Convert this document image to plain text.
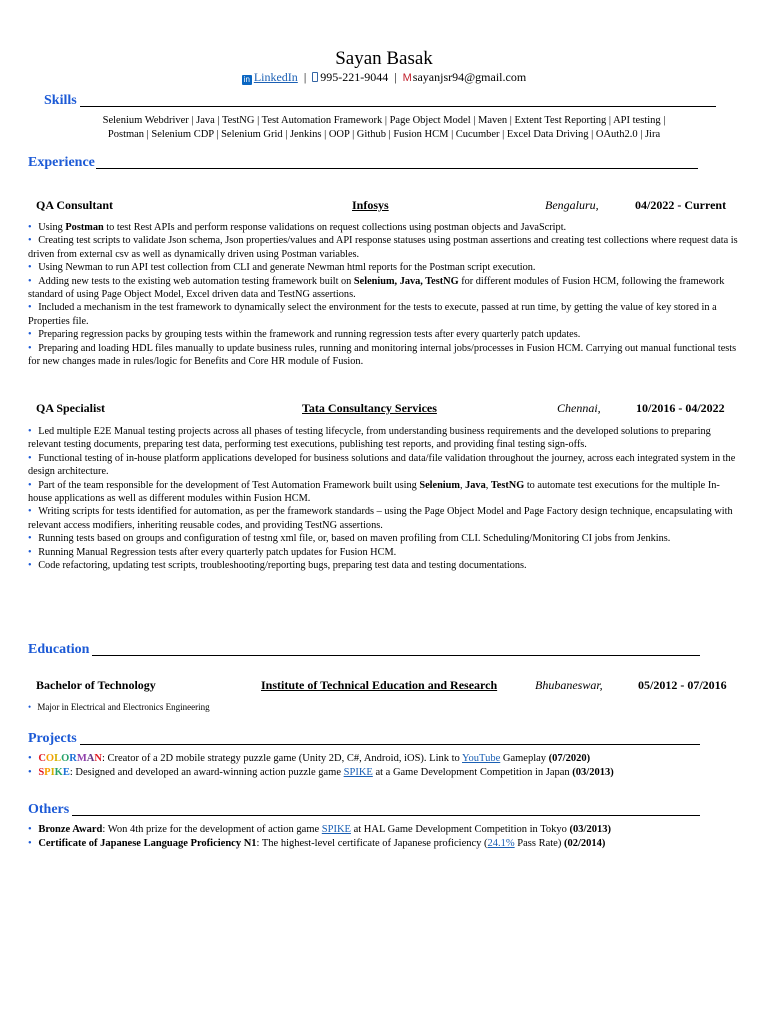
Sayan Basak
in LinkedIn | 995-221-9044 | Msayanjsr94@gmail.com
Skills
Selenium Webdriver | Java | TestNG | Test Automation Framework | Page Object Model | Maven | Extent Test Reporting | API testing |
Postman | Selenium CDP | Selenium Grid | Jenkins | OOP | Github | Fusion HCM | Cucumber | Excel Data Driving | OAuth2.0 | Jira
Experience
QA Consultant	Infosys	Bengaluru,	04/2022 - Current
• Using Postman to test Rest APIs and perform response validations on request collections using postman objects and JavaScript.
• Creating test scripts to validate Json schema, Json properties/values and API response statuses using postman assertions and creating test collections where request data is driven from external csv as well as dynamically driven using Postman variables.
• Using Newman to run API test collection from CLI and generate Newman html reports for the Postman script execution.
• Adding new tests to the existing web automation testing framework built on Selenium, Java, TestNG for different modules of Fusion HCM, following the framework standard of using Page Object Model, Excel driven data and TestNG assertions.
• Included a mechanism in the test framework to dynamically select the environment for the tests to execute, passed at run time, by getting the value of key stored in a Properties file.
• Preparing regression packs by grouping tests within the framework and running regression tests after every quarterly patch updates.
• Preparing and loading HDL files manually to update business rules, running and monitoring internal jobs/processes in Fusion HCM. Carrying out manual functional tests for new changes made in rules/logic for Benefits and Core HR module of Fusion.
QA Specialist	Tata Consultancy Services	Chennai,	10/2016 - 04/2022
• Led multiple E2E Manual testing projects across all phases of testing lifecycle, from understanding business requirements and the developed solutions to preparing relevant testing documents, preparing test data, performing test executions, publishing test reports, and providing final testing sign-offs.
• Functional testing of in-house platform applications developed for business solutions and data/file validation throughout the journey, across each integrated system in the design architecture.
• Part of the team responsible for the development of Test Automation Framework built using Selenium, Java, TestNG to automate test executions for the multiple In-house applications as well as different modules within Fusion HCM.
• Writing scripts for tests identified for automation, as per the framework standards – using the Page Object Model and Page Factory design technique, encapsulating with relevant access modifiers, inheriting reusable codes, and providing TestNG assertions.
• Running tests based on groups and configuration of testng xml file, or, based on maven profiling from CLI. Scheduling/Monitoring CI jobs from Jenkins.
• Running Manual Regression tests after every quarterly patch updates for Fusion HCM.
• Code refactoring, updating test scripts, troubleshooting/reporting bugs, preparing test data and testing documentations.
Education
Bachelor of Technology	Institute of Technical Education and Research	Bhubaneswar,	05/2012 - 07/2016
• Major in Electrical and Electronics Engineering
Projects
• COLORMAN: Creator of a 2D mobile strategy puzzle game (Unity 2D, C#, Android, iOS). Link to YouTube Gameplay (07/2020)
• SPIKE: Designed and developed an award-winning action puzzle game SPIKE at a Game Development Competition in Japan (03/2013)
Others
• Bronze Award: Won 4th prize for the development of action game SPIKE at HAL Game Development Competition in Tokyo (03/2013)
• Certificate of Japanese Language Proficiency N1: The highest-level certificate of Japanese proficiency (24.1% Pass Rate) (02/2014)
